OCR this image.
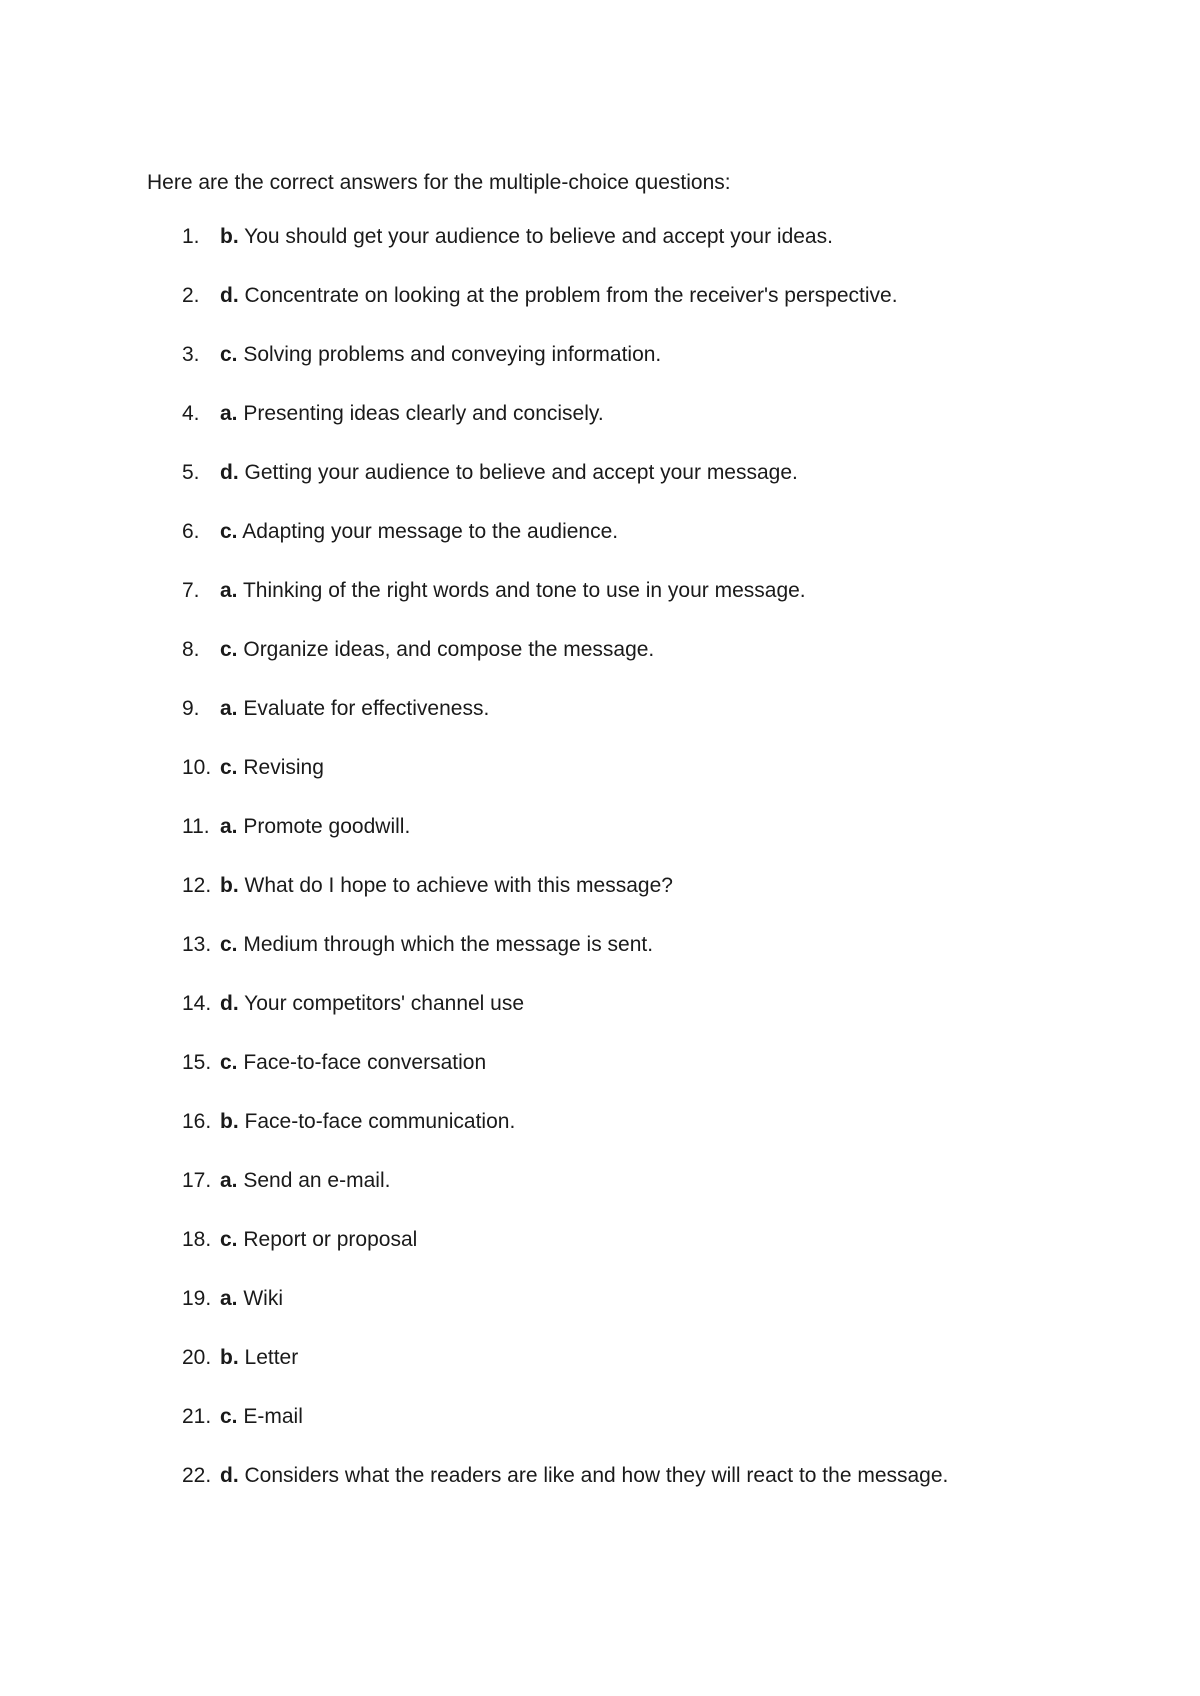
Here are the correct answers for the multiple-choice questions:
1. b. You should get your audience to believe and accept your ideas.
2. d. Concentrate on looking at the problem from the receiver's perspective.
3. c. Solving problems and conveying information.
4. a. Presenting ideas clearly and concisely.
5. d. Getting your audience to believe and accept your message.
6. c. Adapting your message to the audience.
7. a. Thinking of the right words and tone to use in your message.
8. c. Organize ideas, and compose the message.
9. a. Evaluate for effectiveness.
10. c. Revising
11. a. Promote goodwill.
12. b. What do I hope to achieve with this message?
13. c. Medium through which the message is sent.
14. d. Your competitors' channel use
15. c. Face-to-face conversation
16. b. Face-to-face communication.
17. a. Send an e-mail.
18. c. Report or proposal
19. a. Wiki
20. b. Letter
21. c. E-mail
22. d. Considers what the readers are like and how they will react to the message.
